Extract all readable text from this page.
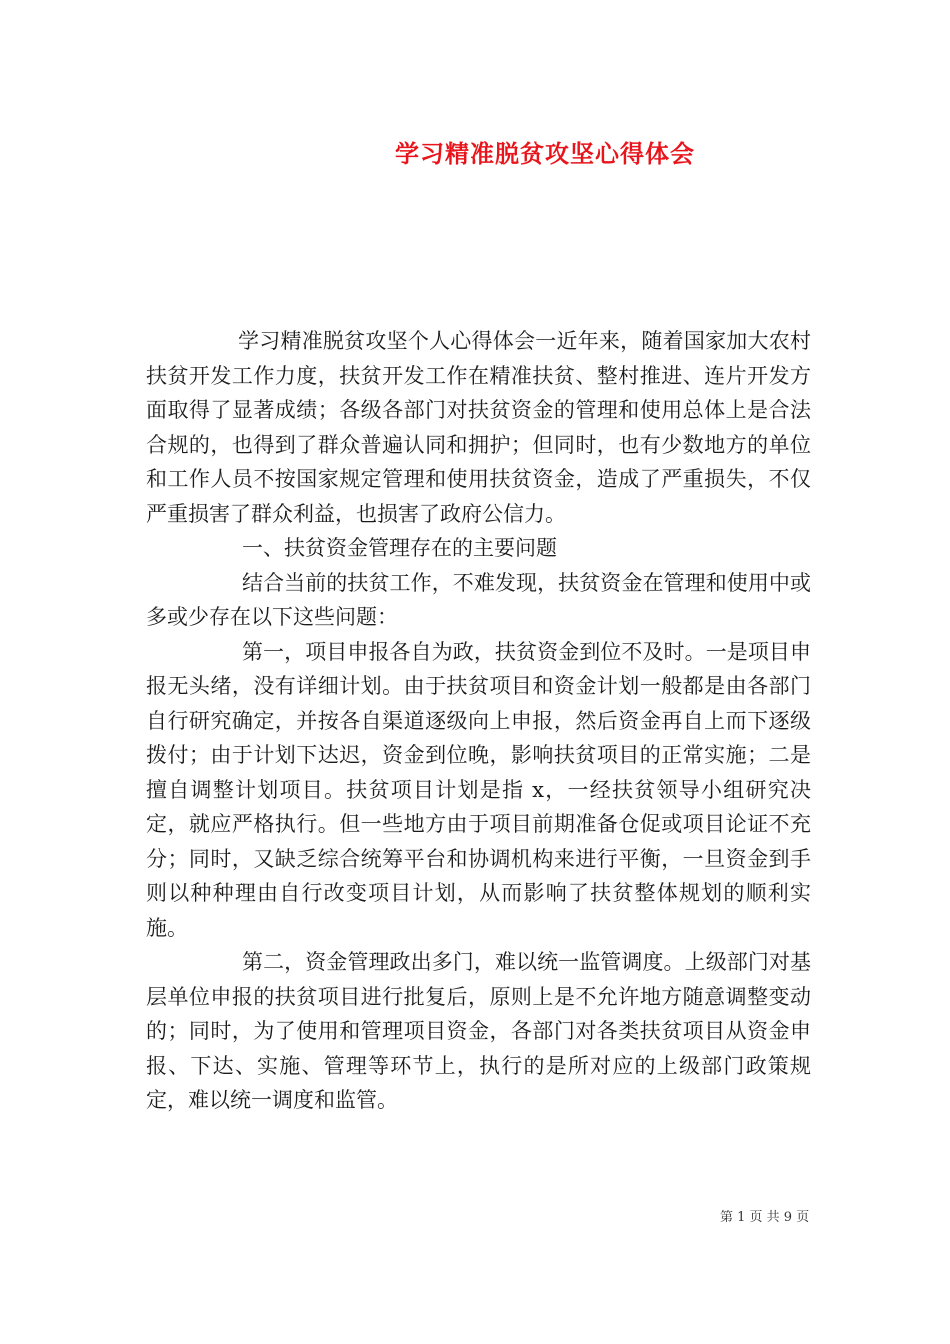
学习精准脱贫攻坚心得体会

学习精准脱贫攻坚个人心得体会一近年来，随着国家加大农村扶贫开发工作力度，扶贫开发工作在精准扶贫、整村推进、连片开发方面取得了显著成绩；各级各部门对扶贫资金的管理和使用总体上是合法合规的，也得到了群众普遍认同和拥护；但同时，也有少数地方的单位和工作人员不按国家规定管理和使用扶贫资金，造成了严重损失，不仅严重损害了群众利益，也损害了政府公信力。

一、扶贫资金管理存在的主要问题

结合当前的扶贫工作，不难发现，扶贫资金在管理和使用中或多或少存在以下这些问题：

第一，项目申报各自为政，扶贫资金到位不及时。一是项目申报无头绪，没有详细计划。由于扶贫项目和资金计划一般都是由各部门自行研究确定，并按各自渠道逐级向上申报，然后资金再自上而下逐级拨付；由于计划下达迟，资金到位晚，影响扶贫项目的正常实施；二是擅自调整计划项目。扶贫项目计划是指 x，一经扶贫领导小组研究决定，就应严格执行。但一些地方由于项目前期准备仓促或项目论证不充分；同时，又缺乏综合统筹平台和协调机构来进行平衡，一旦资金到手则以种种理由自行改变项目计划，从而影响了扶贫整体规划的顺利实施。

第二，资金管理政出多门，难以统一监管调度。上级部门对基层单位申报的扶贫项目进行批复后，原则上是不允许地方随意调整变动的；同时，为了使用和管理项目资金，各部门对各类扶贫项目从资金申报、下达、实施、管理等环节上，执行的是所对应的上级部门政策规定，难以统一调度和监管。

第 1 页 共 9 页
